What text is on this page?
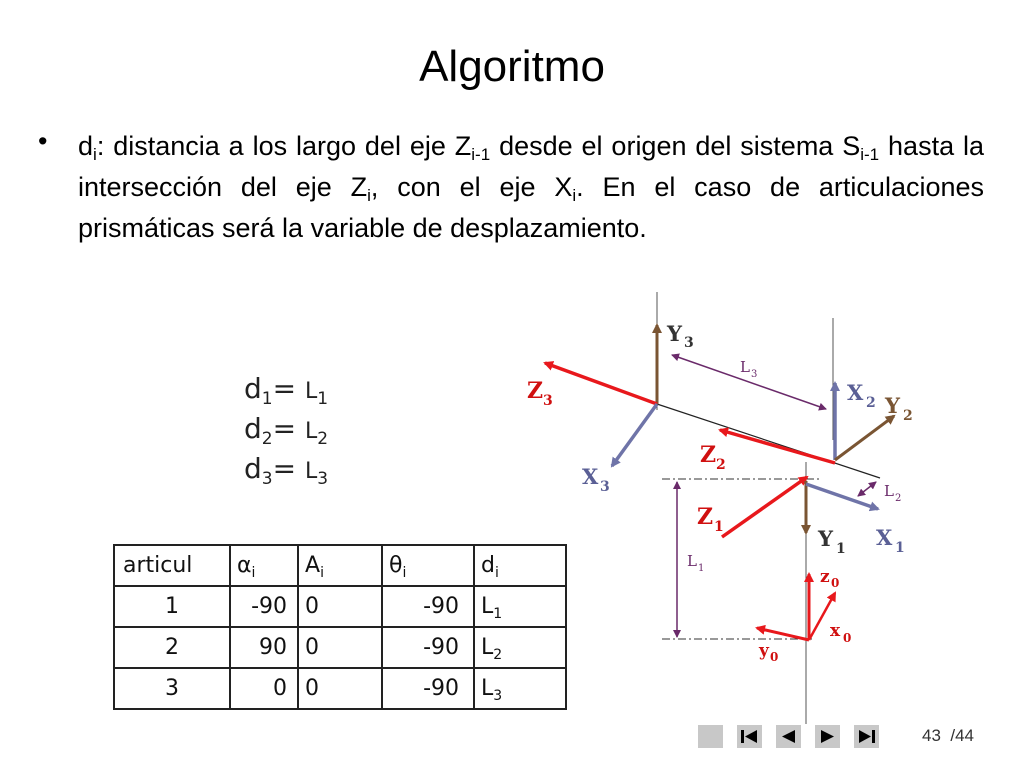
Algoritmo
• $d_i$: distancia a los largo del eje $Z_{i-1}$ desde el origen del sistema $S_{i-1}$ hasta la intersección del eje $Z_i$, con el eje $X_i$. En el caso de articulaciones prismáticas será la variable de desplazamiento.
$d_1= L_1$
$d_2= L_2$
$d_3= L_3$
articul	$\alpha_i$	$A_i$	$\theta_i$	$d_i$
1	-90	0	-90	$L_1$
2	90	0	-90	$L_2$
3	0	0	-90	$L_3$
Y 3
L 3
Z 3	X 2 Y 2
Z 2
X 3	L 2
Z 1	Y 1 X 1
L 1	z 0
x 0
y 0
43 /44
